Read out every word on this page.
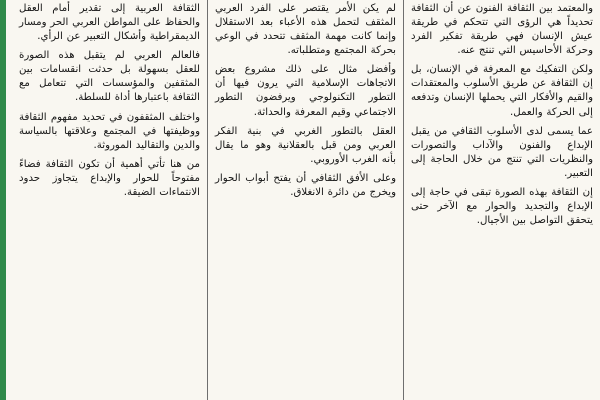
والمعتمد بين الثقافة الفنون عن أن الثقافة تحديداً هي الرؤى التي تتحكم في طريقة عيش الإنسان فهي طريقة تفكير الفرد وحركة الأحاسيس التي تنتج عنه.

ولكن التفكيك مع المعرفة في الإنسان، بل إن الثقافة عن طريق الأسلوب والمعتقدات والقيم والأفكار التي يحملها الإنسان وتدفعه إلى الحركة والعمل.

عما يسمى لدى الأسلوب الثقافي من يقبل الإبداع والفنون والآداب والتصورات والنظريات التي تنتج من خلال الحاجة إلى التعبير.

إن الثقافة بهذه الصورة تبقى في حاجة إلى الإبداع والتجديد والحوار مع الآخر حتى يتحقق التواصل بين الأجيال.

لم يكن الأمر يقتصر على الفرد العربي المثقف لتحمل هذه الأعباء بعد الاستقلال وإنما كانت مهمة المثقف تتحدد في الوعي بحركة المجتمع ومتطلباته.

وأفضل مثال على ذلك مشروع بعض الاتجاهات الإسلامية التي يرون فيها أن التطور التكنولوجي ويرفضون التطور الاجتماعي وقيم المعرفة والحداثة.

العقل بالتطور الغربي في بنية الفكر العربي ومن قبل بالعقلانية وهو ما يقال بأنه الغرب الأوروبي.

وعلى الأفق الثقافي أن يفتح أبواب الحوار ويخرج من دائرة الانغلاق.

الثقافة العربية إلى تقدير أمام العقل والحفاظ على المواطن العربي الحر ومسار الديمقراطية وأشكال التعبير عن الرأي.

فالعالم العربي لم يتقبل هذه الصورة للعقل بسهولة بل حدثت انقسامات بين المثقفين والمؤسسات التي تتعامل مع الثقافة باعتبارها أداة للسلطة.

واختلف المثقفون في تحديد مفهوم الثقافة ووظيفتها في المجتمع وعلاقتها بالسياسة والدين والتقاليد الموروثة.

من هنا تأتي أهمية أن تكون الثقافة فضاءً مفتوحاً للحوار والإبداع يتجاوز حدود الانتماءات الضيقة.
